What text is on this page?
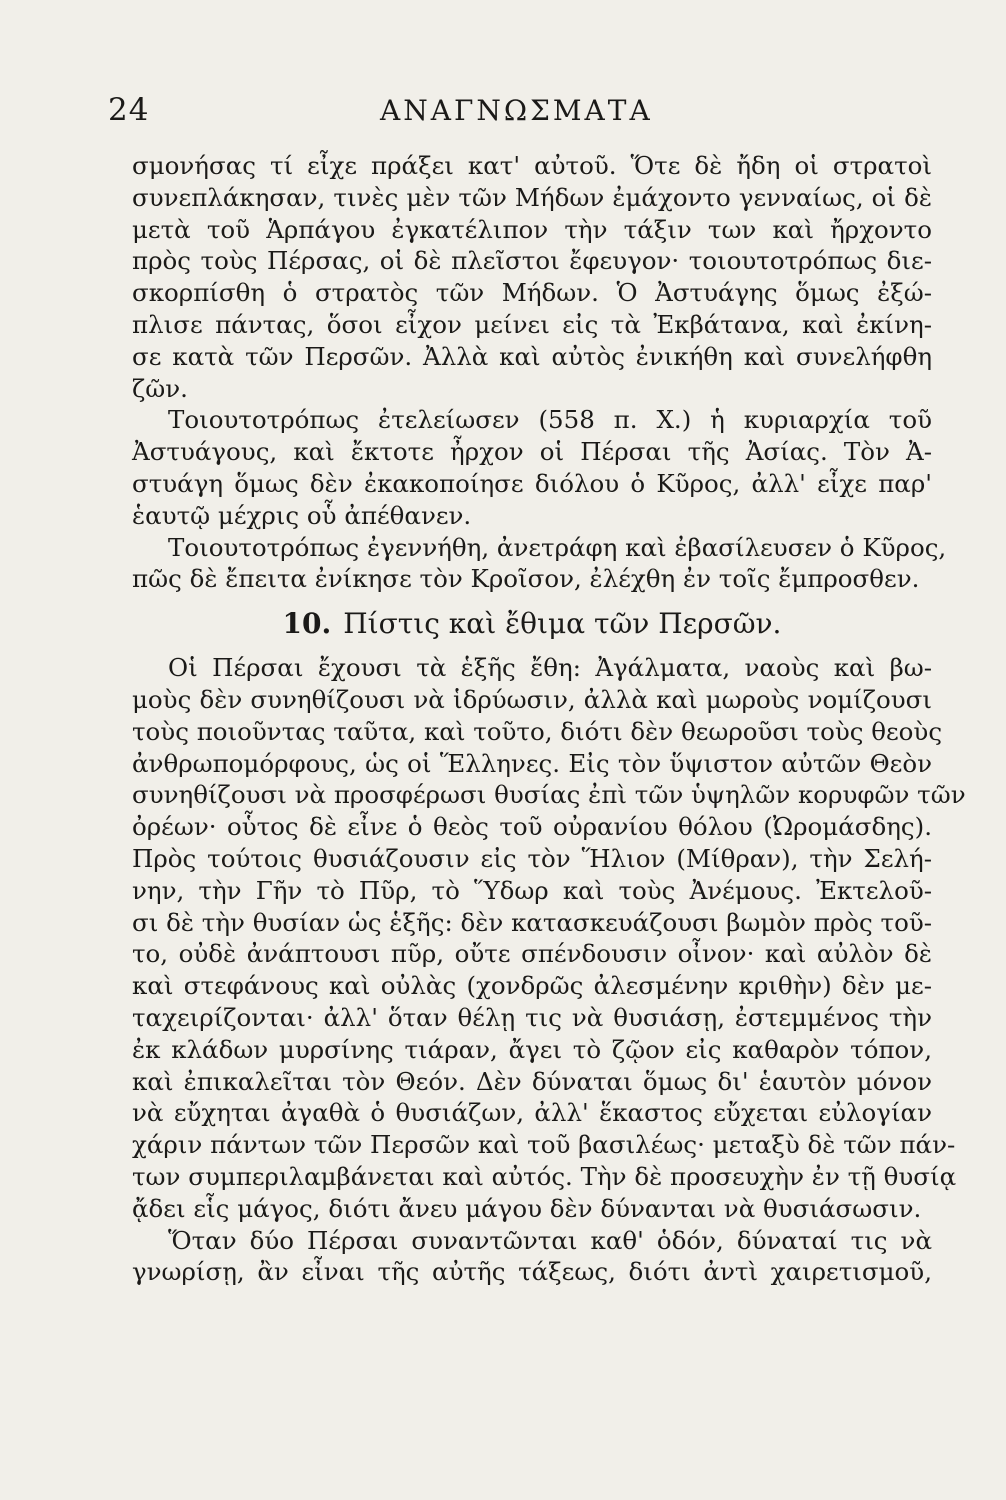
24	ΑΝΑΓΝΩΣΜΑΤΑ
σμονήσας τί εἶχε πράξει κατ' αὐτοῦ. Ὅτε δὲ ἤδη οἱ στρατοὶ
συνεπλάκησαν, τινὲς μὲν τῶν Μήδων ἐμάχοντο γενναίως, οἱ δὲ
μετὰ τοῦ Ἁρπάγου ἐγκατέλιπον τὴν τάξιν των καὶ ἤρχοντο
πρὸς τοὺς Πέρσας, οἱ δὲ πλεῖστοι ἔφευγον· τοιουτοτρόπως διε-
σκορπίσθη ὁ στρατὸς τῶν Μήδων. Ὁ Ἀστυάγης ὅμως ἐξώ-
πλισε πάντας, ὅσοι εἶχον μείνει εἰς τὰ Ἐκβάτανα, καὶ ἐκίνη-
σε κατὰ τῶν Περσῶν. Ἀλλὰ καὶ αὐτὸς ἐνικήθη καὶ συνελήφθη
ζῶν.
Τοιουτοτρόπως ἐτελείωσεν (558 π. Χ.) ἡ κυριαρχία τοῦ
Ἀστυάγους, καὶ ἔκτοτε ἦρχον οἱ Πέρσαι τῆς Ἀσίας. Τὸν Ἀ-
στυάγη ὅμως δὲν ἐκακοποίησε διόλου ὁ Κῦρος, ἀλλ' εἶχε παρ'
ἑαυτῷ μέχρις οὗ ἀπέθανεν.
Τοιουτοτρόπως ἐγεννήθη, ἀνετράφη καὶ ἐβασίλευσεν ὁ Κῦρος,
πῶς δὲ ἔπειτα ἐνίκησε τὸν Κροῖσον, ἐλέχθη ἐν τοῖς ἔμπροσθεν.
10. Πίστις καὶ ἔθιμα τῶν Περσῶν.
Οἱ Πέρσαι ἔχουσι τὰ ἑξῆς ἔθη: Ἀγάλματα, ναοὺς καὶ βω-
μοὺς δὲν συνηθίζουσι νὰ ἱδρύωσιν, ἀλλὰ καὶ μωροὺς νομίζουσι
τοὺς ποιοῦντας ταῦτα, καὶ τοῦτο, διότι δὲν θεωροῦσι τοὺς θεοὺς
ἀνθρωπομόρφους, ὡς οἱ Ἕλληνες. Εἰς τὸν ὕψιστον αὐτῶν Θεὸν
συνηθίζουσι νὰ προσφέρωσι θυσίας ἐπὶ τῶν ὑψηλῶν κορυφῶν τῶν
ὀρέων· οὗτος δὲ εἶνε ὁ θεὸς τοῦ οὐρανίου θόλου (Ὠρομάσδης).
Πρὸς τούτοις θυσιάζουσιν εἰς τὸν Ἥλιον (Μίθραν), τὴν Σελή-
νην, τὴν Γῆν τὸ Πῦρ, τὸ Ὕδωρ καὶ τοὺς Ἀνέμους. Ἐκτελοῦ-
σι δὲ τὴν θυσίαν ὡς ἑξῆς: δὲν κατασκευάζουσι βωμὸν πρὸς τοῦ-
το, οὐδὲ ἀνάπτουσι πῦρ, οὔτε σπένδουσιν οἶνον· καὶ αὐλὸν δὲ
καὶ στεφάνους καὶ οὐλὰς (χονδρῶς ἀλεσμένην κριθὴν) δὲν με-
ταχειρίζονται· ἀλλ' ὅταν θέλῃ τις νὰ θυσιάσῃ, ἐστεμμένος τὴν
ἐκ κλάδων μυρσίνης τιάραν, ἄγει τὸ ζῷον εἰς καθαρὸν τόπον,
καὶ ἐπικαλεῖται τὸν Θεόν. Δὲν δύναται ὅμως δι' ἑαυτὸν μόνον
νὰ εὔχηται ἀγαθὰ ὁ θυσιάζων, ἀλλ' ἕκαστος εὔχεται εὐλογίαν
χάριν πάντων τῶν Περσῶν καὶ τοῦ βασιλέως· μεταξὺ δὲ τῶν πάν-
των συμπεριλαμβάνεται καὶ αὐτός. Τὴν δὲ προσευχὴν ἐν τῇ θυσίᾳ
ᾄδει εἷς μάγος, διότι ἄνευ μάγου δὲν δύνανται νὰ θυσιάσωσιν.
Ὅταν δύο Πέρσαι συναντῶνται καθ' ὁδόν, δύναταί τις νὰ
γνωρίσῃ, ἂν εἶναι τῆς αὐτῆς τάξεως, διότι ἀντὶ χαιρετισμοῦ,
